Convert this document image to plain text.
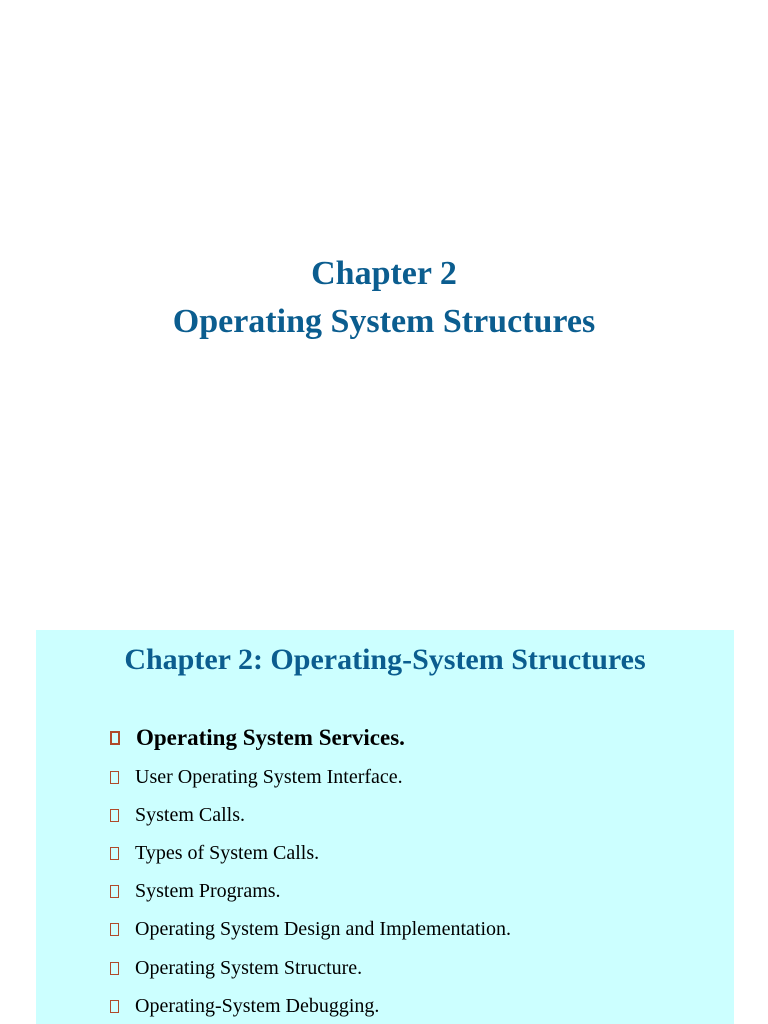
Chapter 2
Operating System Structures
Chapter 2: Operating-System Structures
Operating System Services.
User Operating System Interface.
System Calls.
Types of System Calls.
System Programs.
Operating System Design and Implementation.
Operating System Structure.
Operating-System Debugging.
